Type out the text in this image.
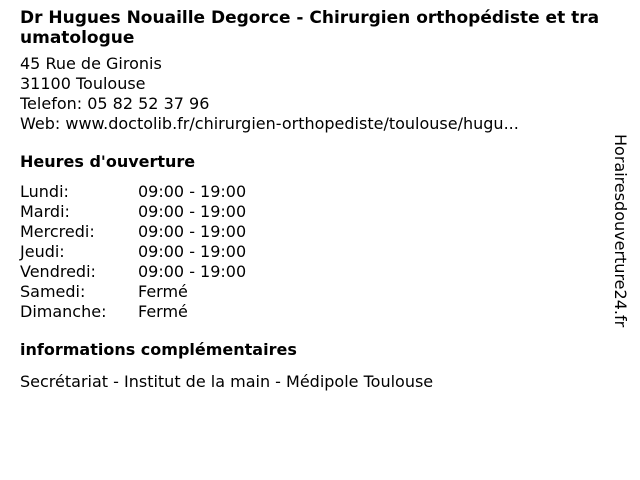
Dr Hugues Nouaille Degorce - Chirurgien orthopédiste et traumatologue
45 Rue de Gironis
31100 Toulouse
Telefon: 05 82 52 37 96
Web: www.doctolib.fr/chirurgien-orthopediste/toulouse/hugu...
Heures d'ouverture
Lundi:	09:00 - 19:00
Mardi:	09:00 - 19:00
Mercredi:	09:00 - 19:00
Jeudi:	09:00 - 19:00
Vendredi:	09:00 - 19:00
Samedi:	Fermé
Dimanche:	Fermé
informations complémentaires
Secrétariat - Institut de la main - Médipole Toulouse
Horairesdouverture24.fr
